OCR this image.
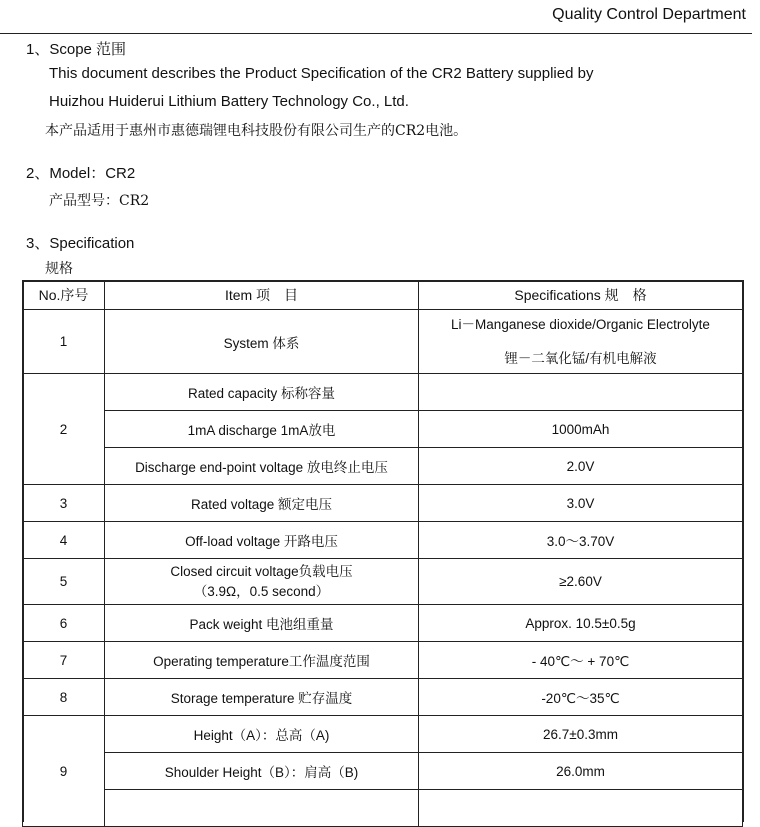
Quality Control Department
1、Scope 范围
This document describes the Product Specification of the CR2 Battery supplied by
Huizhou Huiderui Lithium Battery Technology Co., Ltd.
本产品适用于惠州市惠德瑞锂电科技股份有限公司生产的CR2电池。
2、Model：CR2
产品型号：CR2
3、Specification
规格
No.序号	Item 项　目	Specifications 规　格
1	System 体系	Li－Manganese dioxide/Organic Electrolyte
锂－二氧化锰/有机电解液
2	Rated capacity 标称容量	
	1mA discharge 1mA放电	1000mAh
	Discharge end-point voltage 放电终止电压	2.0V
3	Rated voltage 额定电压	3.0V
4	Off-load voltage 开路电压	3.0～3.70V
5	Closed circuit voltage负载电压
（3.9Ω，0.5 second）	≥2.60V
6	Pack weight 电池组重量	Approx. 10.5±0.5g
7	Operating temperature工作温度范围	- 40℃～ + 70℃
8	Storage temperature 贮存温度	-20℃～35℃
9	Height（A）：总高（A)	26.7±0.3mm
	Shoulder Height（B）：肩高（B)	26.0mm
